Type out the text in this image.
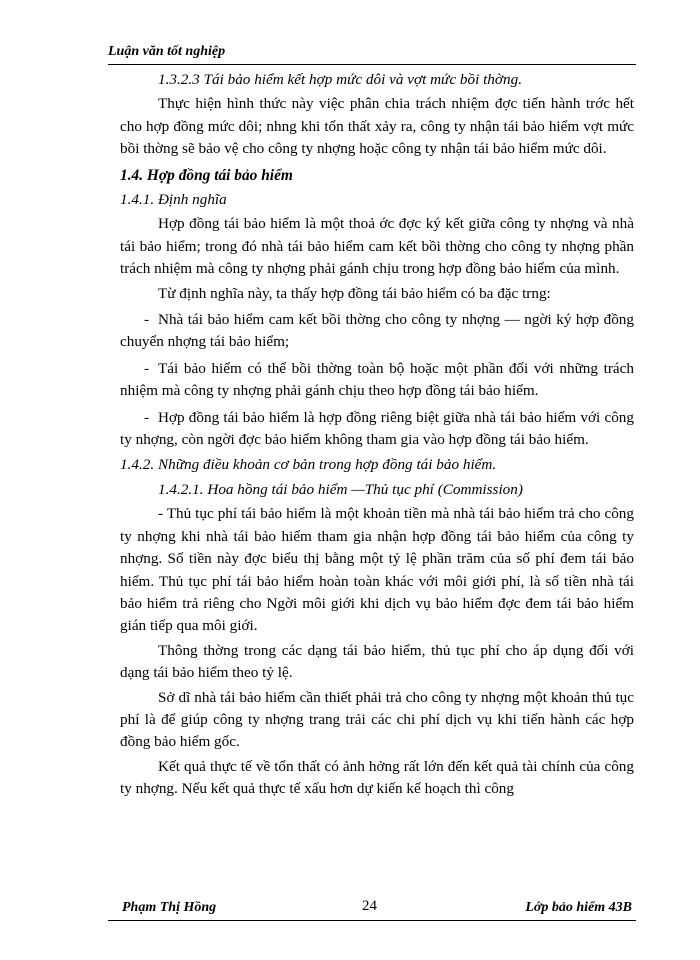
Luận văn tốt nghiệp

1.3.2.3 Tái bảo hiểm kết hợp mức dôi và vợt mức bồi thờng.

Thực hiện hình thức này việc phân chia trách nhiệm đợc tiến hành trớc hết cho hợp đồng mức dôi; nhng khi tổn thất xảy ra, công ty nhận tái bảo hiểm vợt mức bồi thờng sẽ bảo vệ cho công ty nhợng hoặc công ty nhận tái bảo hiểm mức dôi.

1.4. Hợp đồng tái bảo hiểm

1.4.1. Định nghĩa

Hợp đồng tái bảo hiểm là một thoả ớc đợc ký kết giữa công ty nhợng và nhà tái bảo hiểm; trong đó nhà tái bảo hiểm cam kết bồi thờng cho công ty nhợng phần trách nhiệm mà công ty nhợng phải gánh chịu trong hợp đồng bảo hiểm của mình.

Từ định nghĩa này, ta thấy hợp đồng tái bảo hiểm có ba đặc trng:

- Nhà tái bảo hiểm cam kết bồi thờng cho công ty nhợng — ngời ký hợp đồng chuyển nhợng tái bảo hiểm;

- Tái bảo hiểm có thể bồi thờng toàn bộ hoặc một phần đối với những trách nhiệm mà công ty nhợng phải gánh chịu theo hợp đồng tái bảo hiểm.

- Hợp đồng tái bảo hiểm là hợp đồng riêng biệt giữa nhà tái bảo hiểm với công ty nhợng, còn ngời đợc bảo hiểm không tham gia vào hợp đồng tái bảo hiểm.

1.4.2. Những điều khoản cơ bản trong hợp đồng tái bảo hiểm.

1.4.2.1. Hoa hồng tái bảo hiểm —Thủ tục phí (Commission)

- Thủ tục phí tái bảo hiểm là một khoản tiền mà nhà tái bảo hiểm trả cho công ty nhợng khi nhà tái bảo hiểm tham gia nhận hợp đồng tái bảo hiểm của công ty nhợng. Số tiền này đợc biểu thị bằng một tỷ lệ phần trăm của số phí đem tái bảo hiểm. Thủ tục phí tái bảo hiểm hoàn toàn khác với môi giới phí, là số tiền nhà tái bảo hiểm trả riêng cho Ngời môi giới khi dịch vụ bảo hiểm đợc đem tái bảo hiểm gián tiếp qua môi giới.

Thông thờng trong các dạng tái bảo hiểm, thủ tục phí cho áp dụng đối với dạng tái bảo hiểm theo tỷ lệ.

Sở dĩ nhà tái bảo hiểm cần thiết phải trả cho công ty nhợng một khoản thủ tục phí là để giúp công ty nhợng trang trải các chi phí dịch vụ khi tiến hành các hợp đồng bảo hiểm gốc.

Kết quả thực tế về tổn thất có ảnh hởng rất lớn đến kết quả tài chính của công ty nhợng. Nếu kết quả thực tế xấu hơn dự kiến kế hoạch thì công

Phạm Thị Hồng	24	Lớp bảo hiểm 43B
